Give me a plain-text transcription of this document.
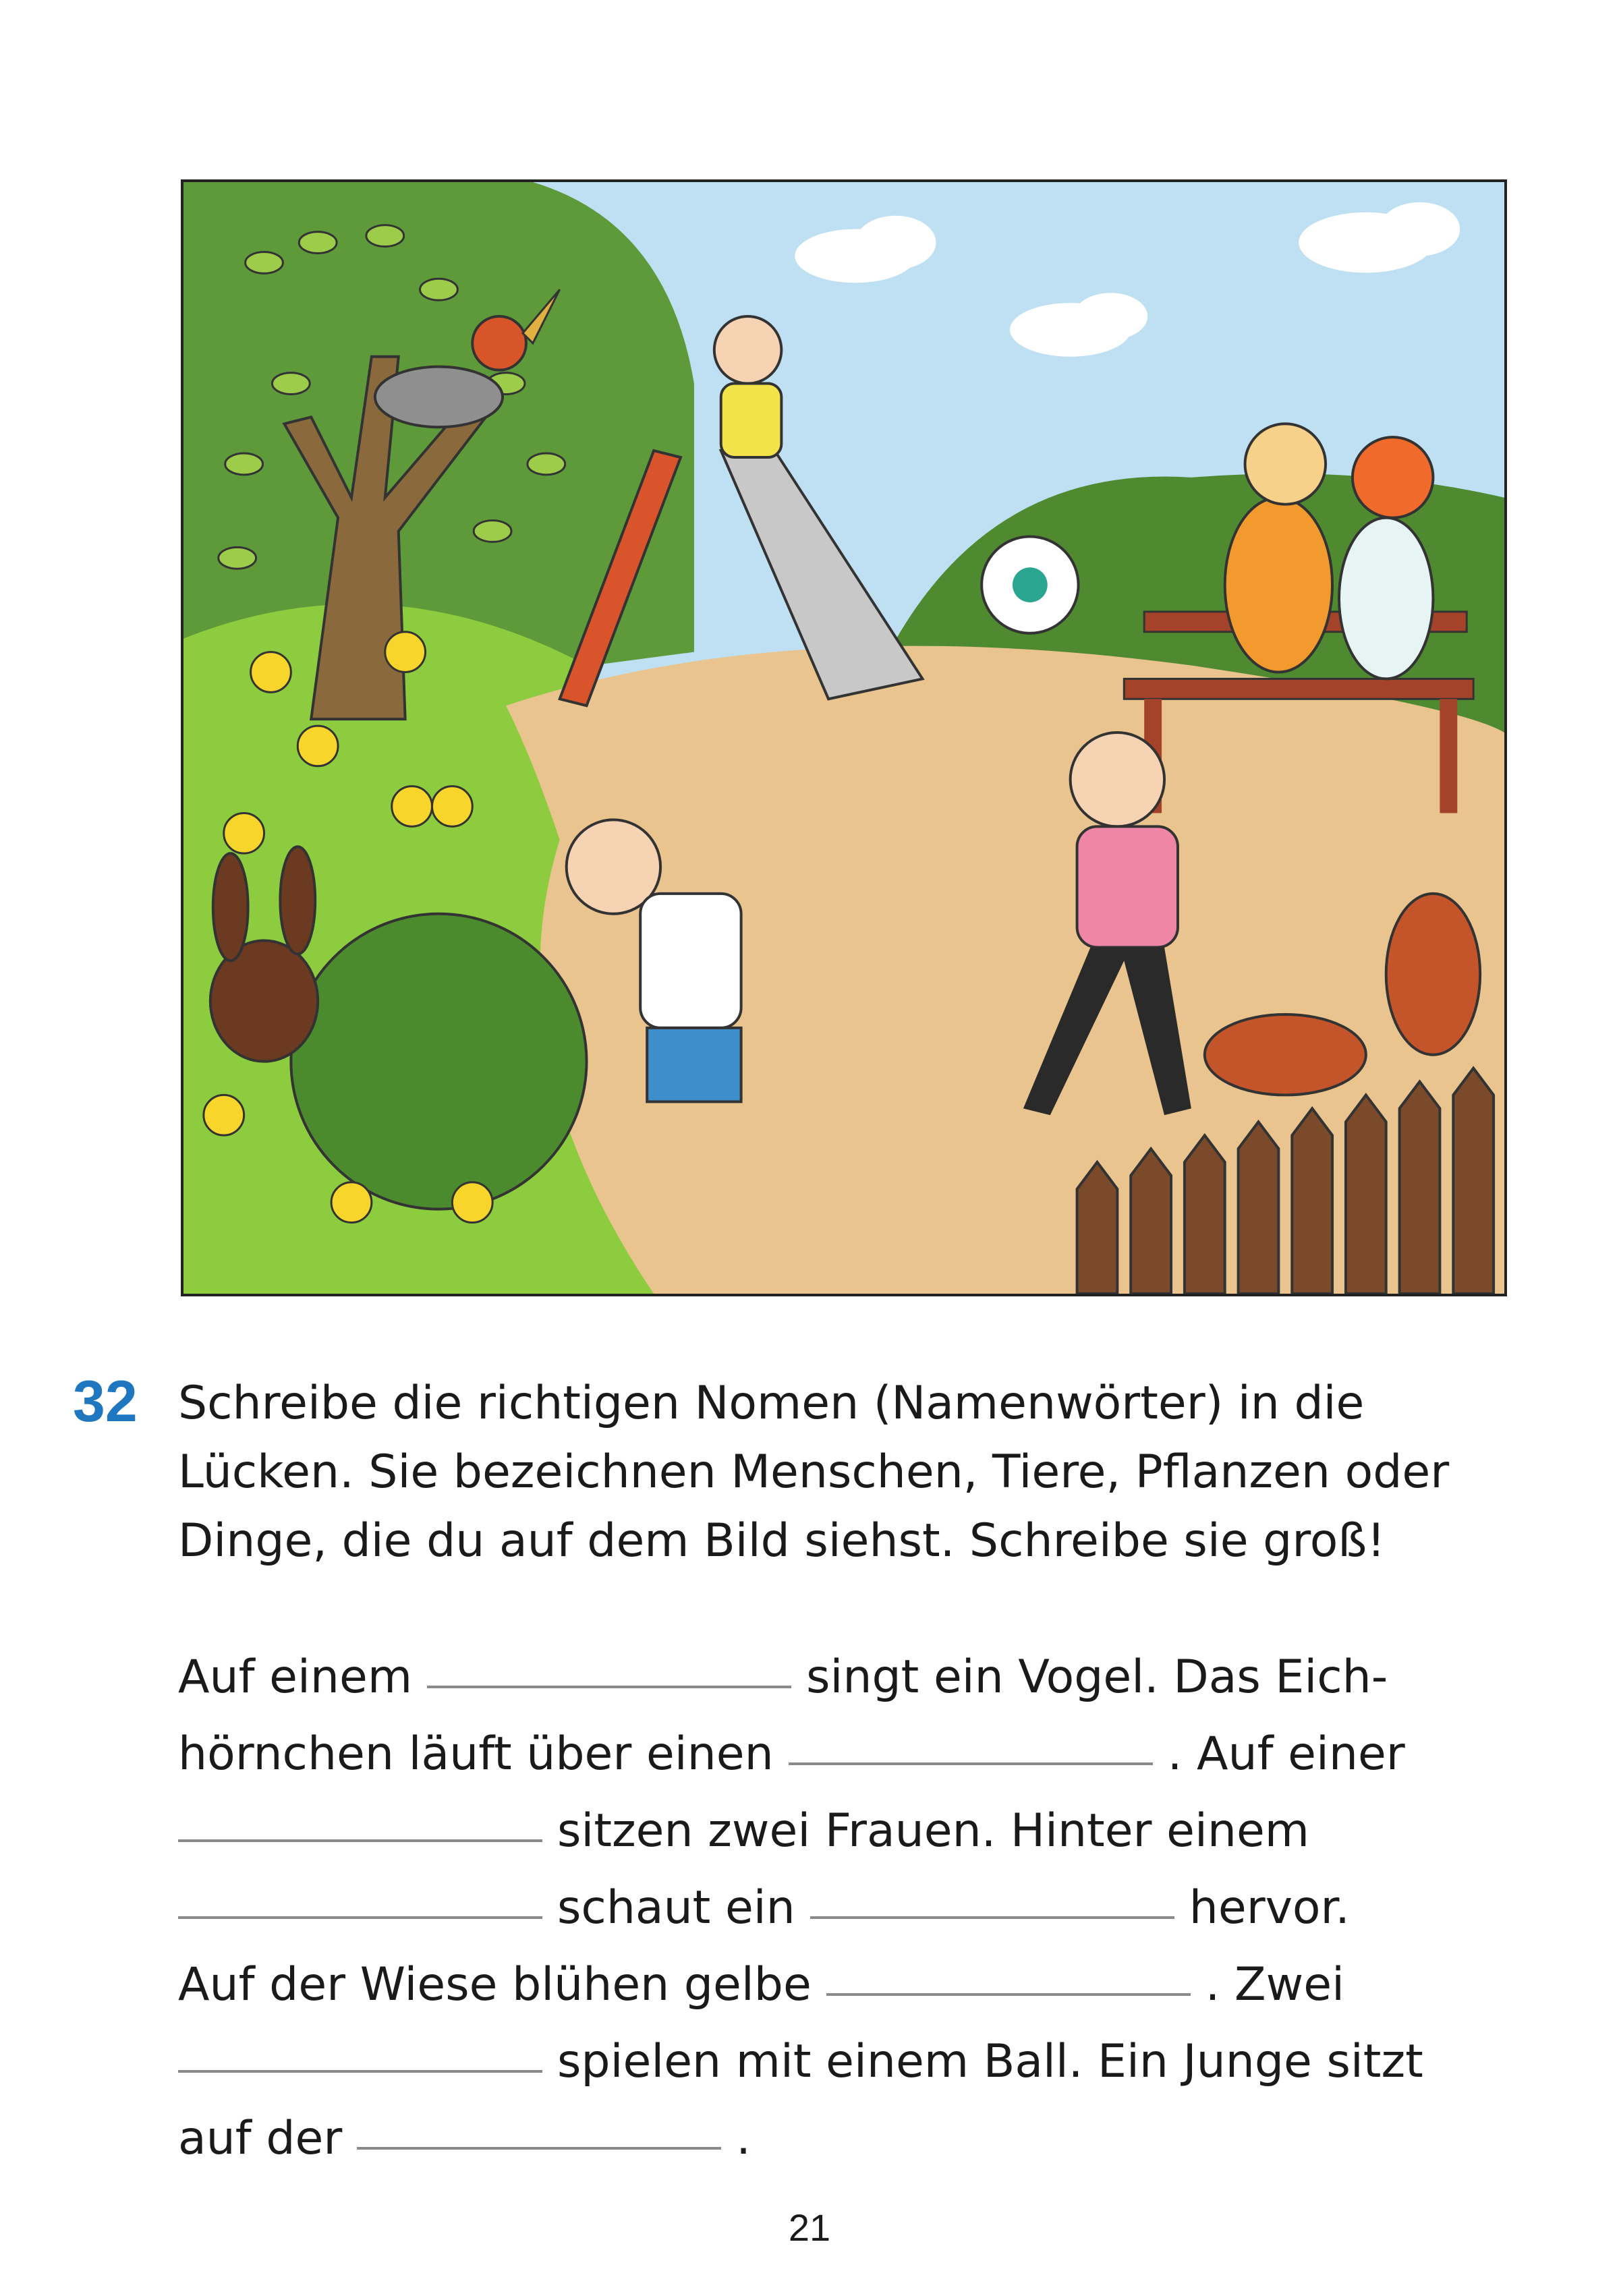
32 Schreibe die richtigen Nomen (Namenwörter) in die
Lücken. Sie bezeichnen Menschen, Tiere, Pflanzen oder
Dinge, die du auf dem Bild siehst. Schreibe sie groß!

Auf einem	singt ein Vogel. Das Eich-
hörnchen läuft über einen	. Auf einer
sitzen zwei Frauen. Hinter einem
schaut ein	hervor.
Auf der Wiese blühen gelbe	. Zwei
spielen mit einem Ball. Ein Junge sitzt
auf der	.
21
